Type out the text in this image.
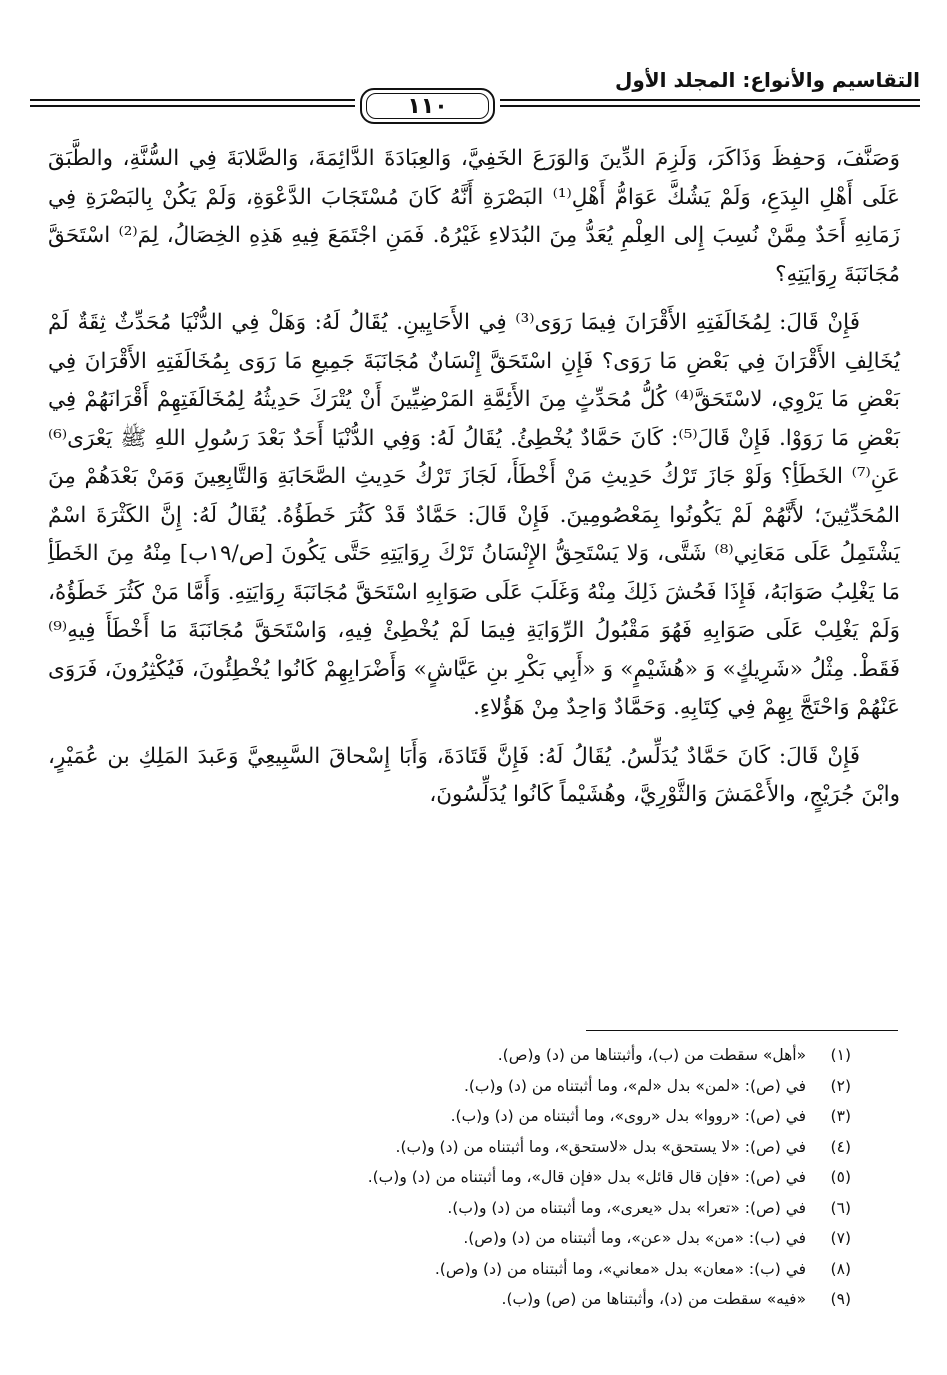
١١٠
التقاسيم والأنواع: المجلد الأول

وَصَنَّفَ، وَحفِظَ وَذَاكَرَ، وَلَزِمَ الدِّينَ وَالوَرَعَ الخَفِيَّ، وَالعِبَادَةَ الدَّائِمَةَ، وَالصَّلابَةَ فِي السُّنَّةِ، والطَّبَقَ عَلَى أَهْلِ البِدَعِ، وَلَمْ يَشُكَّ عَوَامُّ أَهْلِ⁽¹⁾ البَصْرَةِ أَنَّهُ كَانَ مُسْتَجَابَ الدَّعْوَةِ، وَلَمْ يَكُنْ بِالبَصْرَةِ فِي زَمَانِهِ أَحَدٌ مِمَّنْ نُسِبَ إِلى العِلْمِ يُعَدُّ مِنَ البُدَلاءِ غَيْرُهُ. فَمَنِ اجْتَمَعَ فِيهِ هَذِهِ الخِصَالُ، لِمَ⁽²⁾ اسْتَحَقَّ مُجَانَبَةَ رِوَايَتِهِ؟

فَإِنْ قَالَ: لِمُخَالَفَتِهِ الأَقْرَانَ فِيمَا رَوَى⁽³⁾ فِي الأَحَايِينِ. يُقَالُ لَهُ: وَهَلْ فِي الدُّنْيَا مُحَدِّثٌ ثِقَةٌ لَمْ يُخَالِفِ الأَقْرَانَ فِي بَعْضِ مَا رَوَى؟ فَإِنِ اسْتَحَقَّ إِنْسَانٌ مُجَانَبَةَ جَمِيعِ مَا رَوَى بِمُخَالَفَتِهِ الأَقْرَانَ فِي بَعْضِ مَا يَرْوِي، لاسْتَحَقَّ⁽⁴⁾ كُلُّ مُحَدِّثٍ مِنَ الأَئِمَّةِ المَرْضِيِّينَ أَنْ يُتْرَكَ حَدِيثُهُ لِمُخَالَفَتِهِمْ أَقْرَانَهُمْ فِي بَعْضِ مَا رَوَوْا. فَإِنْ قَالَ⁽⁵⁾: كَانَ حَمَّادٌ يُخْطِئُ. يُقَالُ لَهُ: وَفِي الدُّنْيَا أَحَدٌ بَعْدَ رَسُولِ اللهِ ﷺ يَعْرَى⁽⁶⁾ عَنِ⁽⁷⁾ الخَطَأِ؟ وَلَوْ جَازَ تَرْكُ حَدِيثِ مَنْ أَخْطَأَ، لَجَازَ تَرْكُ حَدِيثِ الصَّحَابَةِ وَالتَّابِعِينَ وَمَنْ بَعْدَهُمْ مِنَ المُحَدِّثِينَ؛ لأَنَّهُمْ لَمْ يَكُونُوا بِمَعْصُومِينَ. فَإِنْ قَالَ: حَمَّادٌ قَدْ كَثُرَ خَطَؤُهُ. يُقَالُ لَهُ: إِنَّ الكَثْرَةَ اسْمٌ يَشْتَمِلُ عَلَى مَعَانِي⁽⁸⁾ شَتَّى، وَلا يَسْتَحِقُّ الإِنْسَانُ تَرْكَ رِوَايَتِهِ حَتَّى يَكُونَ [ص/١٩ب] مِنْهُ مِنَ الخَطَأِ مَا يَغْلِبُ صَوَابَهُ، فَإِذَا فَحُشَ ذَلِكَ مِنْهُ وَغَلَبَ عَلَى صَوَابِهِ اسْتَحَقَّ مُجَانَبَةَ رِوَايَتِهِ. وَأَمَّا مَنْ كَثُرَ خَطَؤُهُ، وَلَمْ يَغْلِبْ عَلَى صَوَابِهِ فَهُوَ مَقْبُولُ الرِّوَايَةِ فِيمَا لَمْ يُخْطِئْ فِيهِ، وَاسْتَحَقَّ مُجَانَبَةَ مَا أَخْطَأَ فِيهِ⁽⁹⁾ فَقَطْ. مِثْلُ «شَرِيكٍ» وَ «هُشَيْمٍ» وَ «أَبِي بَكْرِ بنِ عَيَّاشٍ» وَأَضْرَابِهِمْ كَانُوا يُخْطِئُونَ، فَيُكْثِرُونَ، فَرَوَى عَنْهُمْ وَاحْتَجَّ بِهِمْ فِي كِتَابِهِ. وَحَمَّادٌ وَاحِدٌ مِنْ هَؤُلاءِ.

فَإِنْ قَالَ: كَانَ حَمَّادٌ يُدَلِّسُ. يُقَالُ لَهُ: فَإِنَّ قَتَادَةَ، وَأَبَا إِسْحاقَ السَّبِيعِيَّ وَعَبدَ المَلِكِ بن عُمَيْرٍ، وابْنَ جُرَيْجٍ، والأَعْمَشَ وَالثَّوْرِيَّ، وهُشَيْماً كَانُوا يُدَلِّسُونَ،

(١) «أهل» سقطت من (ب)، وأثبتناها من (د) و(ص).
(٢) في (ص): «لمن» بدل «لم»، وما أثبتناه من (د) و(ب).
(٣) في (ص): «رووا» بدل «روى»، وما أثبتناه من (د) و(ب).
(٤) في (ص): «لا يستحق» بدل «لاستحق»، وما أثبتناه من (د) و(ب).
(٥) في (ص): «فإن قال قائل» بدل «فإن قال»، وما أثبتناه من (د) و(ب).
(٦) في (ص): «تعرا» بدل «يعرى»، وما أثبتناه من (د) و(ب).
(٧) في (ب): «من» بدل «عن»، وما أثبتناه من (د) و(ص).
(٨) في (ب): «معان» بدل «معاني»، وما أثبتناه من (د) و(ص).
(٩) «فيه» سقطت من (د)، وأثبتناها من (ص) و(ب).
